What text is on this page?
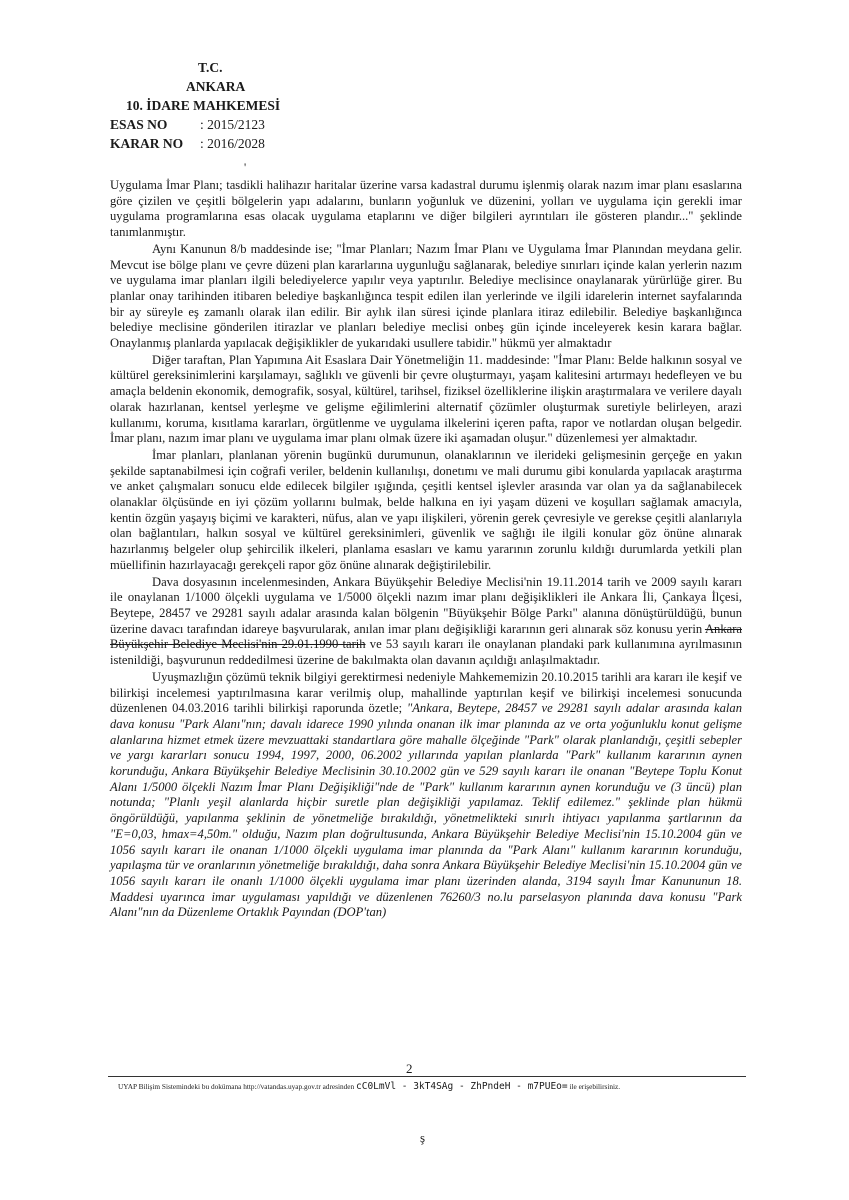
T.C.
ANKARA
10. İDARE MAHKEMESİ
ESAS NO	: 2015/2123
KARAR NO	: 2016/2028
'

Uygulama İmar Planı; tasdikli halihazır haritalar üzerine varsa kadastral durumu işlenmiş olarak nazım imar planı esaslarına göre çizilen ve çeşitli bölgelerin yapı adalarını, bunların yoğunluk ve düzenini, yolları ve uygulama için gerekli imar uygulama programlarına esas olacak uygulama etaplarını ve diğer bilgileri ayrıntıları ile gösteren plandır..." şeklinde tanımlanmıştır.

Aynı Kanunun 8/b maddesinde ise; "İmar Planları; Nazım İmar Planı ve Uygulama İmar Planından meydana gelir. Mevcut ise bölge planı ve çevre düzeni plan kararlarına uygunluğu sağlanarak, belediye sınırları içinde kalan yerlerin nazım ve uygulama imar planları ilgili belediyelerce yapılır veya yaptırılır. Belediye meclisince onaylanarak yürürlüğe girer. Bu planlar onay tarihinden itibaren belediye başkanlığınca tespit edilen ilan yerlerinde ve ilgili idarelerin internet sayfalarında bir ay süreyle eş zamanlı olarak ilan edilir. Bir aylık ilan süresi içinde planlara itiraz edilebilir. Belediye başkanlığınca belediye meclisine gönderilen itirazlar ve planları belediye meclisi onbeş gün içinde inceleyerek kesin karara bağlar. Onaylanmış planlarda yapılacak değişiklikler de yukarıdaki usullere tabidir." hükmü yer almaktadır

Diğer taraftan, Plan Yapımına Ait Esaslara Dair Yönetmeliğin 11. maddesinde: "İmar Planı: Belde halkının sosyal ve kültürel gereksinimlerini karşılamayı, sağlıklı ve güvenli bir çevre oluşturmayı, yaşam kalitesini artırmayı hedefleyen ve bu amaçla beldenin ekonomik, demografik, sosyal, kültürel, tarihsel, fiziksel özelliklerine ilişkin araştırmalara ve verilere dayalı olarak hazırlanan, kentsel yerleşme ve gelişme eğilimlerini alternatif çözümler oluşturmak suretiyle belirleyen, arazi kullanımı, koruma, kısıtlama kararları, örgütlenme ve uygulama ilkelerini içeren pafta, rapor ve notlardan oluşan belgedir. İmar planı, nazım imar planı ve uygulama imar planı olmak üzere iki aşamadan oluşur." düzenlemesi yer almaktadır.

İmar planları, planlanan yörenin bugünkü durumunun, olanaklarının ve ilerideki gelişmesinin gerçeğe en yakın şekilde saptanabilmesi için coğrafi veriler, beldenin kullanılışı, donetımı ve mali durumu gibi konularda yapılacak araştırma ve anket çalışmaları sonucu elde edilecek bilgiler ışığında, çeşitli kentsel işlevler arasında var olan ya da sağlanabilecek olanaklar ölçüsünde en iyi çözüm yollarını bulmak, belde halkına en iyi yaşam düzeni ve koşulları sağlamak amacıyla, kentin özgün yaşayış biçimi ve karakteri, nüfus, alan ve yapı ilişkileri, yörenin gerek çevresiyle ve gerekse çeşitli alanlarıyla olan bağlantıları, halkın sosyal ve kültürel gereksinimleri, güvenlik ve sağlığı ile ilgili konular göz önüne alınarak hazırlanmış belgeler olup şehircilik ilkeleri, planlama esasları ve kamu yararının zorunlu kıldığı durumlarda yetkili plan müellifinin hazırlayacağı gerekçeli rapor göz önüne alınarak değiştirilebilir.

Dava dosyasının incelenmesinden, Ankara Büyükşehir Belediye Meclisi'nin 19.11.2014 tarih ve 2009 sayılı kararı ile onaylanan 1/1000 ölçekli uygulama ve 1/5000 ölçekli nazım imar planı değişiklikleri ile Ankara İli, Çankaya İlçesi, Beytepe, 28457 ve 29281 sayılı adalar arasında kalan bölgenin "Büyükşehir Bölge Parkı" alanına dönüştürüldüğü, bunun üzerine davacı tarafından idareye başvurularak, anılan imar planı değişikliği kararının geri alınarak söz konusu yerin Ankara Büyükşehir Belediye Meclisi'nin 29.01.1990 tarih ve 53 sayılı kararı ile onaylanan plandaki park kullanımına ayrılmasının istenildiği, başvurunun reddedilmesi üzerine de bakılmakta olan davanın açıldığı anlaşılmaktadır.

Uyuşmazlığın çözümü teknik bilgiyi gerektirmesi nedeniyle Mahkememizin 20.10.2015 tarihli ara kararı ile keşif ve bilirkişi incelemesi yaptırılmasına karar verilmiş olup, mahallinde yaptırılan keşif ve bilirkişi incelemesi sonucunda düzenlenen 04.03.2016 tarihli bilirkişi raporunda özetle; "Ankara, Beytepe, 28457 ve 29281 sayılı adalar arasında kalan dava konusu "Park Alanı"nın; davalı idarece 1990 yılında onanan ilk imar planında az ve orta yoğunluklu konut gelişme alanlarına hizmet etmek üzere mevzuattaki standartlara göre mahalle ölçeğinde "Park" olarak planlandığı, çeşitli sebepler ve yargı kararları sonucu 1994, 1997, 2000, 06.2002 yıllarında yapılan planlarda "Park" kullanım kararının aynen korunduğu, Ankara Büyükşehir Belediye Meclisinin 30.10.2002 gün ve 529 sayılı kararı ile onanan "Beytepe Toplu Konut Alanı 1/5000 ölçekli Nazım İmar Planı Değişikliği"nde de "Park" kullanım kararının aynen korunduğu ve (3 üncü) plan notunda; "Planlı yeşil alanlarda hiçbir suretle plan değişikliği yapılamaz. Teklif edilemez." şeklinde plan hükmü öngörüldüğü, yapılanma şeklinin de yönetmeliğe bırakıldığı, yönetmelikteki sınırlı ihtiyacı yapılanma şartlarının da "E=0,03, hmax=4,50m." olduğu, Nazım plan doğrultusunda, Ankara Büyükşehir Belediye Meclisi'nin 15.10.2004 gün ve 1056 sayılı kararı ile onanan 1/1000 ölçekli uygulama imar planında da "Park Alanı" kullanım kararının korunduğu, yapılaşma tür ve oranlarının yönetmeliğe bırakıldığı, daha sonra Ankara Büyükşehir Belediye Meclisi'nin 15.10.2004 gün ve 1056 sayılı kararı ile onanlı 1/1000 ölçekli uygulama imar planı üzerinden alanda, 3194 sayılı İmar Kanununun 18. Maddesi uyarınca imar uygulaması yapıldığı ve düzenlenen 76260/3 no.lu parselasyon planında dava konusu "Park Alanı"nın da Düzenleme Ortaklık Payından (DOP'tan)

2
UYAP Bilişim Sistemindeki bu dokümana http://vatandas.uyap.gov.tr adresinden cC0LmVl - 3kT4SAg - ZhPndeH - m7PUEo= ile erişebilirsiniz.
ş
